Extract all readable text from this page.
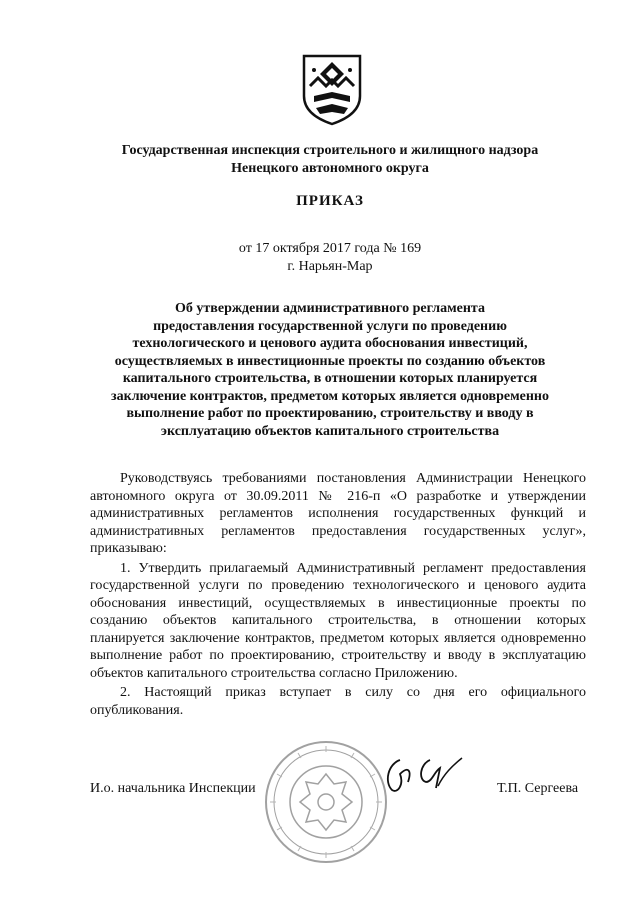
Государственная инспекция строительного и жилищного надзора
Ненецкого автономного округа
ПРИКАЗ
от 17 октября 2017 года № 169
г. Нарьян-Мар
Об утверждении административного регламента
предоставления государственной услуги по проведению
технологического и ценового аудита обоснования инвестиций,
осуществляемых в инвестиционные проекты по созданию объектов
капитального строительства, в отношении которых планируется
заключение контрактов, предметом которых является одновременно
выполнение работ по проектированию, строительству и вводу в
эксплуатацию объектов капитального строительства

Руководствуясь требованиями постановления Администрации Ненецкого автономного округа от 30.09.2011 № 216-п «О разработке и утверждении административных регламентов исполнения государственных функций и административных регламентов предоставления государственных услуг», приказываю:

1. Утвердить прилагаемый Административный регламент предоставления государственной услуги по проведению технологического и ценового аудита обоснования инвестиций, осуществляемых в инвестиционные проекты по созданию объектов капитального строительства, в отношении которых планируется заключение контрактов, предметом которых является одновременно выполнение работ по проектированию, строительству и вводу в эксплуатацию объектов капитального строительства согласно Приложению.

2. Настоящий приказ вступает в силу со дня его официального опубликования.

И.о. начальника Инспекции	Т.П. Сергеева
